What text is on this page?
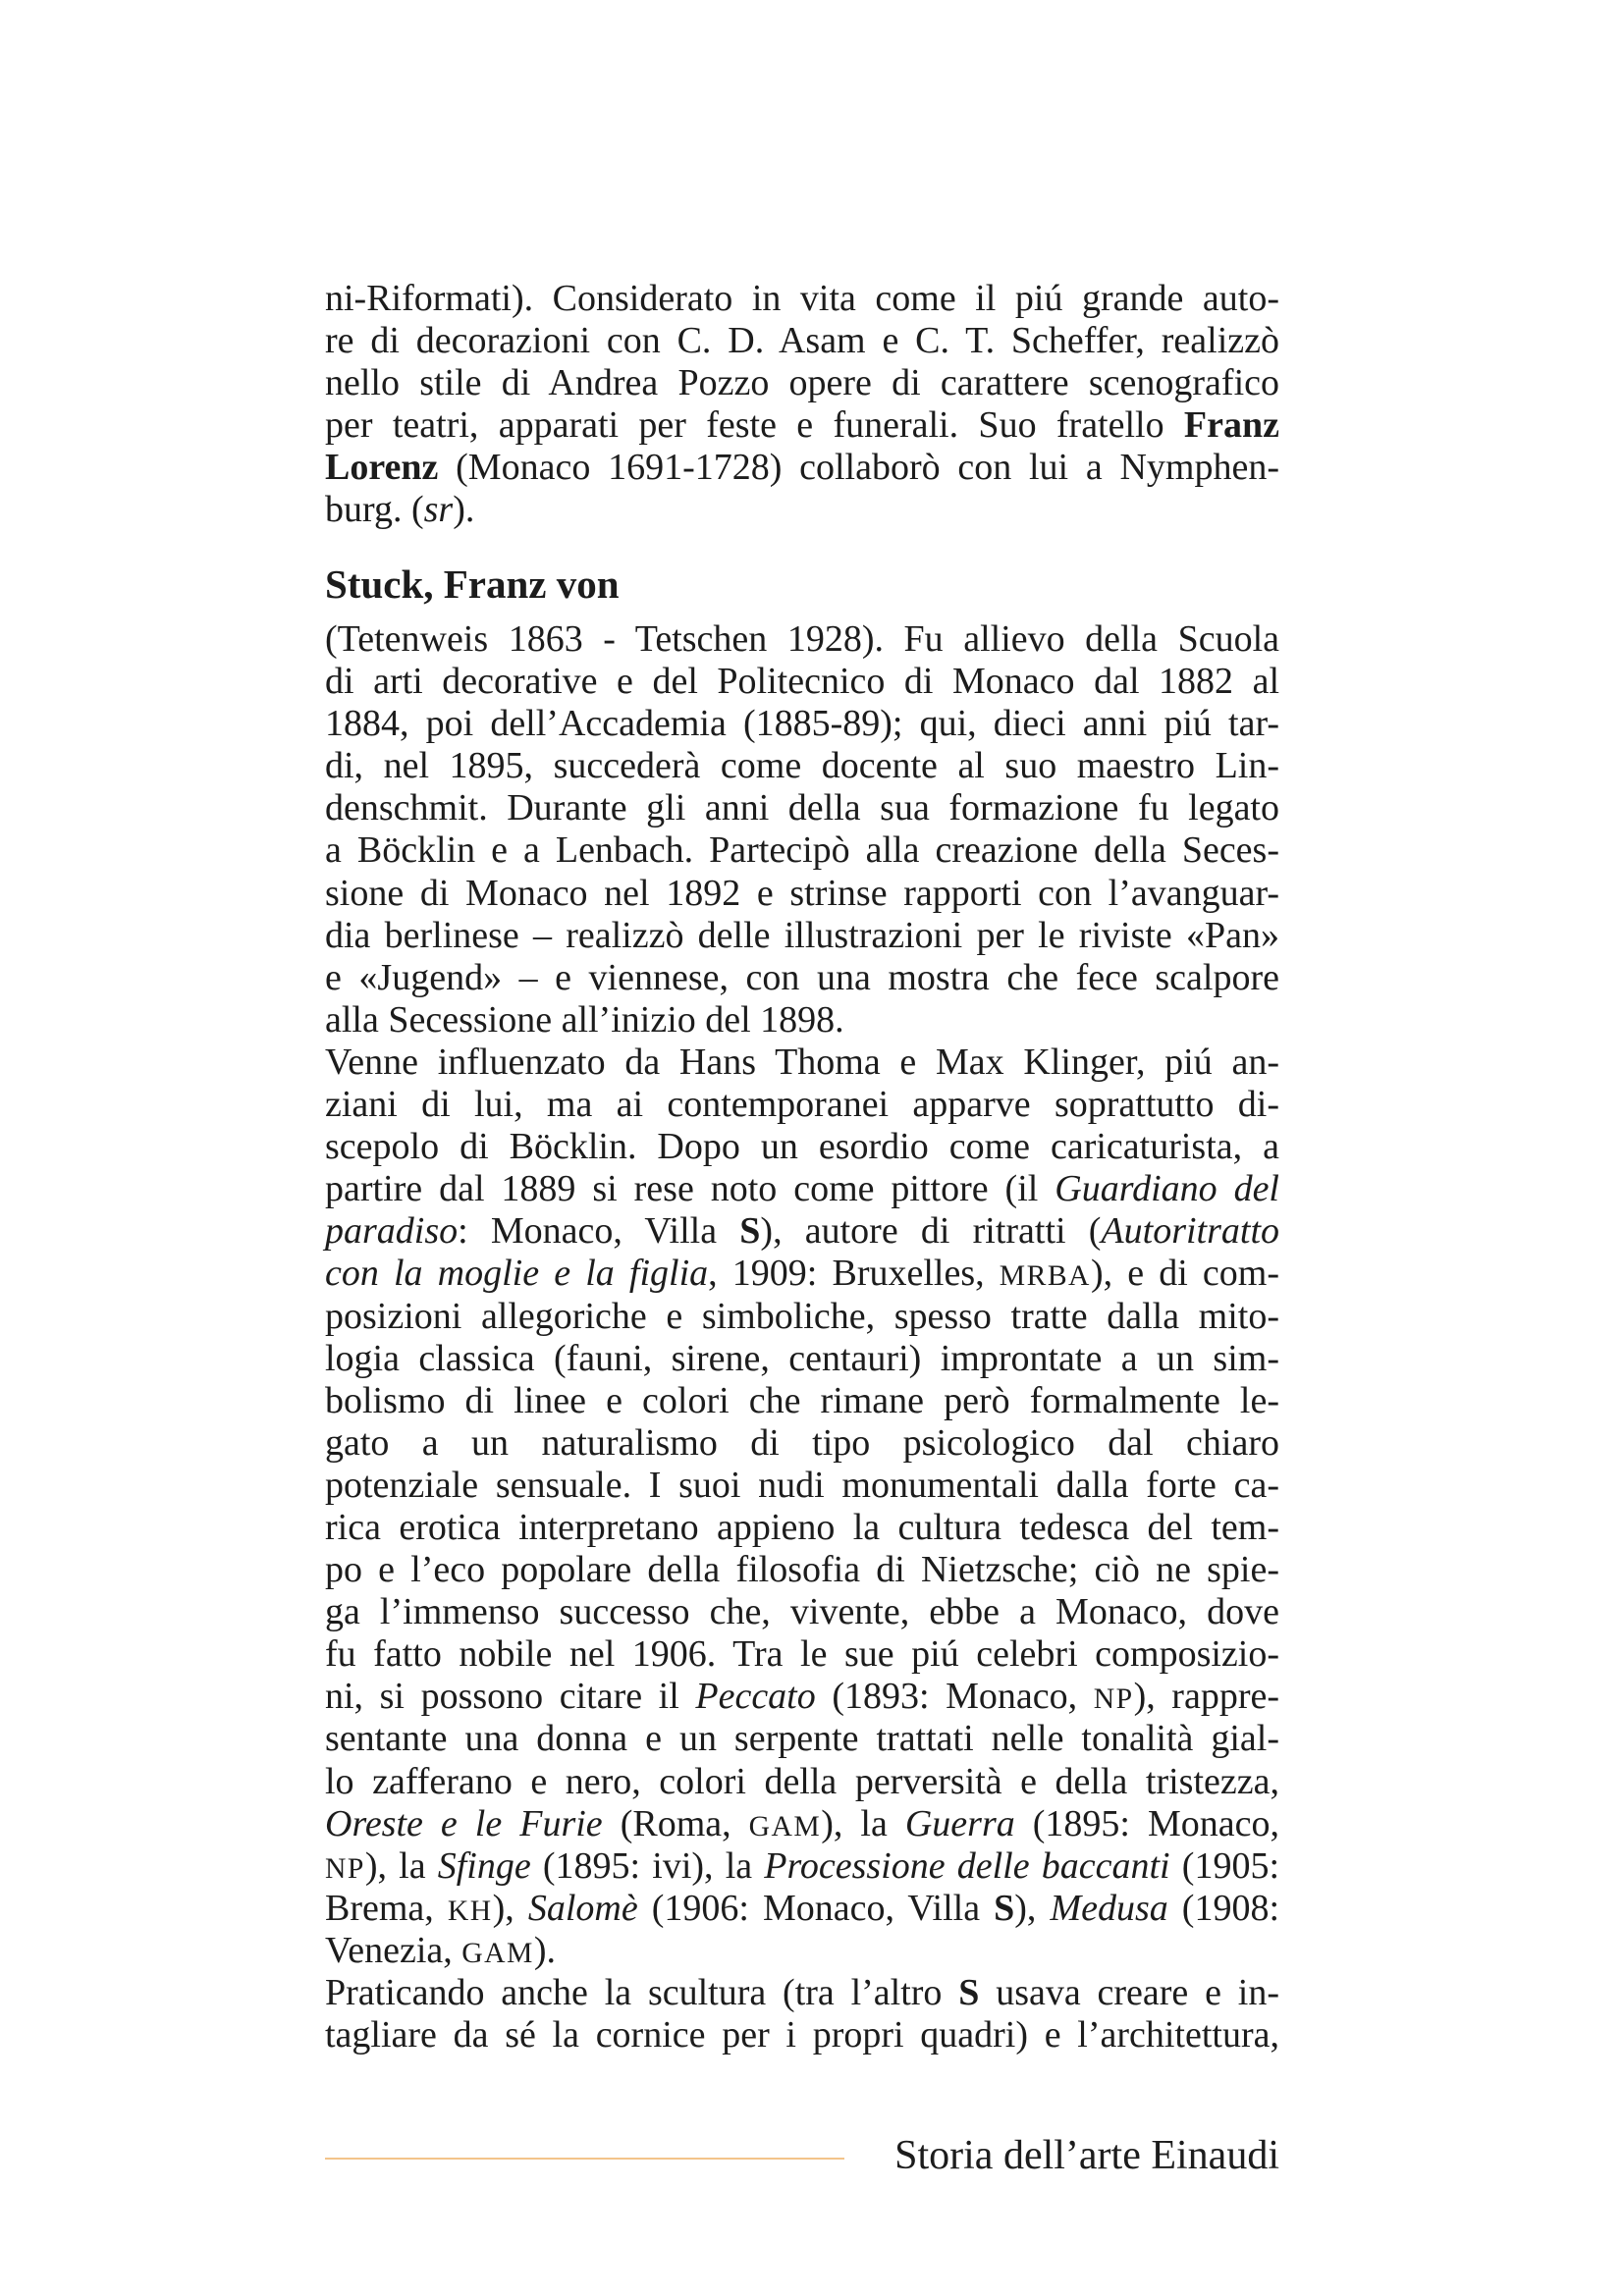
ni-Riformati). Considerato in vita come il piú grande auto-
re di decorazioni con C. D. Asam e C. T. Scheffer, realizzò
nello stile di Andrea Pozzo opere di carattere scenografico
per teatri, apparati per feste e funerali. Suo fratello Franz
Lorenz (Monaco 1691-1728) collaborò con lui a Nymphen-
burg. (sr).
Stuck, Franz von
(Tetenweis 1863 - Tetschen 1928). Fu allievo della Scuola
di arti decorative e del Politecnico di Monaco dal 1882 al
1884, poi dell’Accademia (1885-89); qui, dieci anni piú tar-
di, nel 1895, succederà come docente al suo maestro Lin-
denschmit. Durante gli anni della sua formazione fu legato
a Böcklin e a Lenbach. Partecipò alla creazione della Seces-
sione di Monaco nel 1892 e strinse rapporti con l’avanguar-
dia berlinese – realizzò delle illustrazioni per le riviste «Pan»
e «Jugend» – e viennese, con una mostra che fece scalpore
alla Secessione all’inizio del 1898.
Venne influenzato da Hans Thoma e Max Klinger, piú an-
ziani di lui, ma ai contemporanei apparve soprattutto di-
scepolo di Böcklin. Dopo un esordio come caricaturista, a
partire dal 1889 si rese noto come pittore (il Guardiano del
paradiso: Monaco, Villa S), autore di ritratti (Autoritratto
con la moglie e la figlia, 1909: Bruxelles, MRBA), e di com-
posizioni allegoriche e simboliche, spesso tratte dalla mito-
logia classica (fauni, sirene, centauri) improntate a un sim-
bolismo di linee e colori che rimane però formalmente le-
gato a un naturalismo di tipo psicologico dal chiaro
potenziale sensuale. I suoi nudi monumentali dalla forte ca-
rica erotica interpretano appieno la cultura tedesca del tem-
po e l’eco popolare della filosofia di Nietzsche; ciò ne spie-
ga l’immenso successo che, vivente, ebbe a Monaco, dove
fu fatto nobile nel 1906. Tra le sue piú celebri composizio-
ni, si possono citare il Peccato (1893: Monaco, NP), rappre-
sentante una donna e un serpente trattati nelle tonalità gial-
lo zafferano e nero, colori della perversità e della tristezza,
Oreste e le Furie (Roma, GAM), la Guerra (1895: Monaco,
NP), la Sfinge (1895: ivi), la Processione delle baccanti (1905:
Brema, KH), Salomè (1906: Monaco, Villa S), Medusa (1908:
Venezia, GAM).
Praticando anche la scultura (tra l’altro S usava creare e in-
tagliare da sé la cornice per i propri quadri) e l’architettura,
Storia dell’arte Einaudi
